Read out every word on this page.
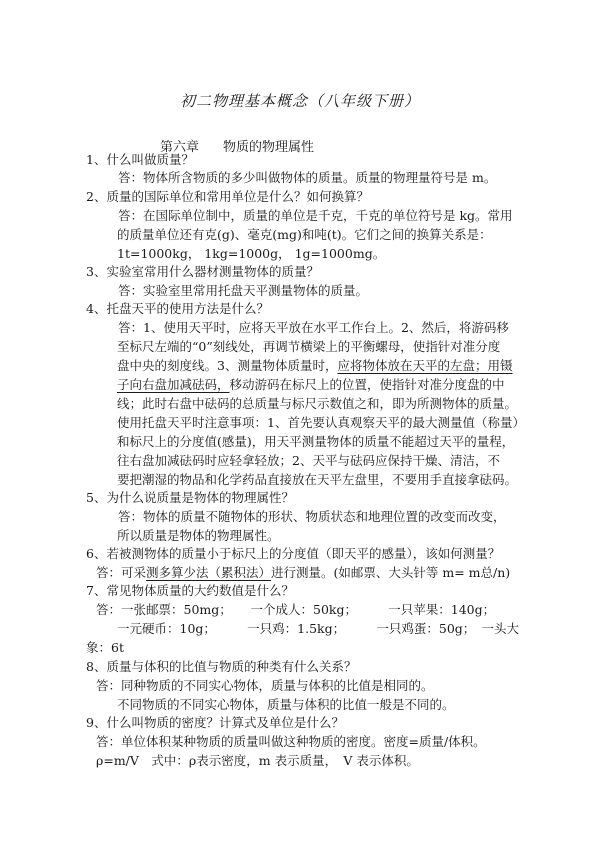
初二物理基本概念（八年级下册）
第六章 物质的物理属性
1、什么叫做质量？
答：物体所含物质的多少叫做物体的质量。质量的物理量符号是 m。
2、质量的国际单位和常用单位是什么？如何换算？
答：在国际单位制中，质量的单位是千克，千克的单位符号是 kg。常用
的质量单位还有克(g)、毫克(mg)和吨(t)。它们之间的换算关系是：
1t=1000kg， 1kg=1000g， 1g=1000mg。
3、实验室常用什么器材测量物体的质量？
答：实验室里常用托盘天平测量物体的质量。
4、托盘天平的使用方法是什么？
答：1、使用天平时，应将天平放在水平工作台上。2、然后，将游码移
至标尺左端的“0”刻线处，再调节横梁上的平衡螺母，使指针对准分度
盘中央的刻度线。3、测量物体质量时，应将物体放在天平的左盘；用镊
子向右盘加减砝码，移动游码在标尺上的位置，使指针对准分度盘的中
线；此时右盘中砝码的总质量与标尺示数值之和，即为所测物体的质量。
使用托盘天平时注意事项：1、首先要认真观察天平的最大测量值（称量）
和标尺上的分度值(感量)，用天平测量物体的质量不能超过天平的量程，
往右盘加减砝码时应轻拿轻放；2、天平与砝码应保持干燥、清洁，不
要把潮湿的物品和化学药品直接放在天平左盘里，不要用手直接拿砝码。
5、为什么说质量是物体的物理属性？
答：物体的质量不随物体的形状、物质状态和地理位置的改变而改变，
所以质量是物体的物理属性。
6、若被测物体的质量小于标尺上的分度值（即天平的感量），该如何测量？
答：可采测多算少法（累积法）进行测量。(如邮票、大头针等 m= m总/n)
7、常见物体质量的大约数值是什么？
答：一张邮票：50mg；　　一个成人：50kg；　　　一只苹果：140g；
一元硬币：10g；　　　一只鸡：1.5kg；　　　一只鸡蛋：50g；　一头大
象：6t
8、质量与体积的比值与物质的种类有什么关系？
答：同种物质的不同实心物体，质量与体积的比值是相同的。
不同物质的不同实心物体，质量与体积的比值一般是不同的。
9、什么叫物质的密度？计算式及单位是什么？
答：单位体积某种物质的质量叫做这种物质的密度。密度=质量/体积。
ρ=m/V　式中：ρ表示密度，m 表示质量，　V 表示体积。
